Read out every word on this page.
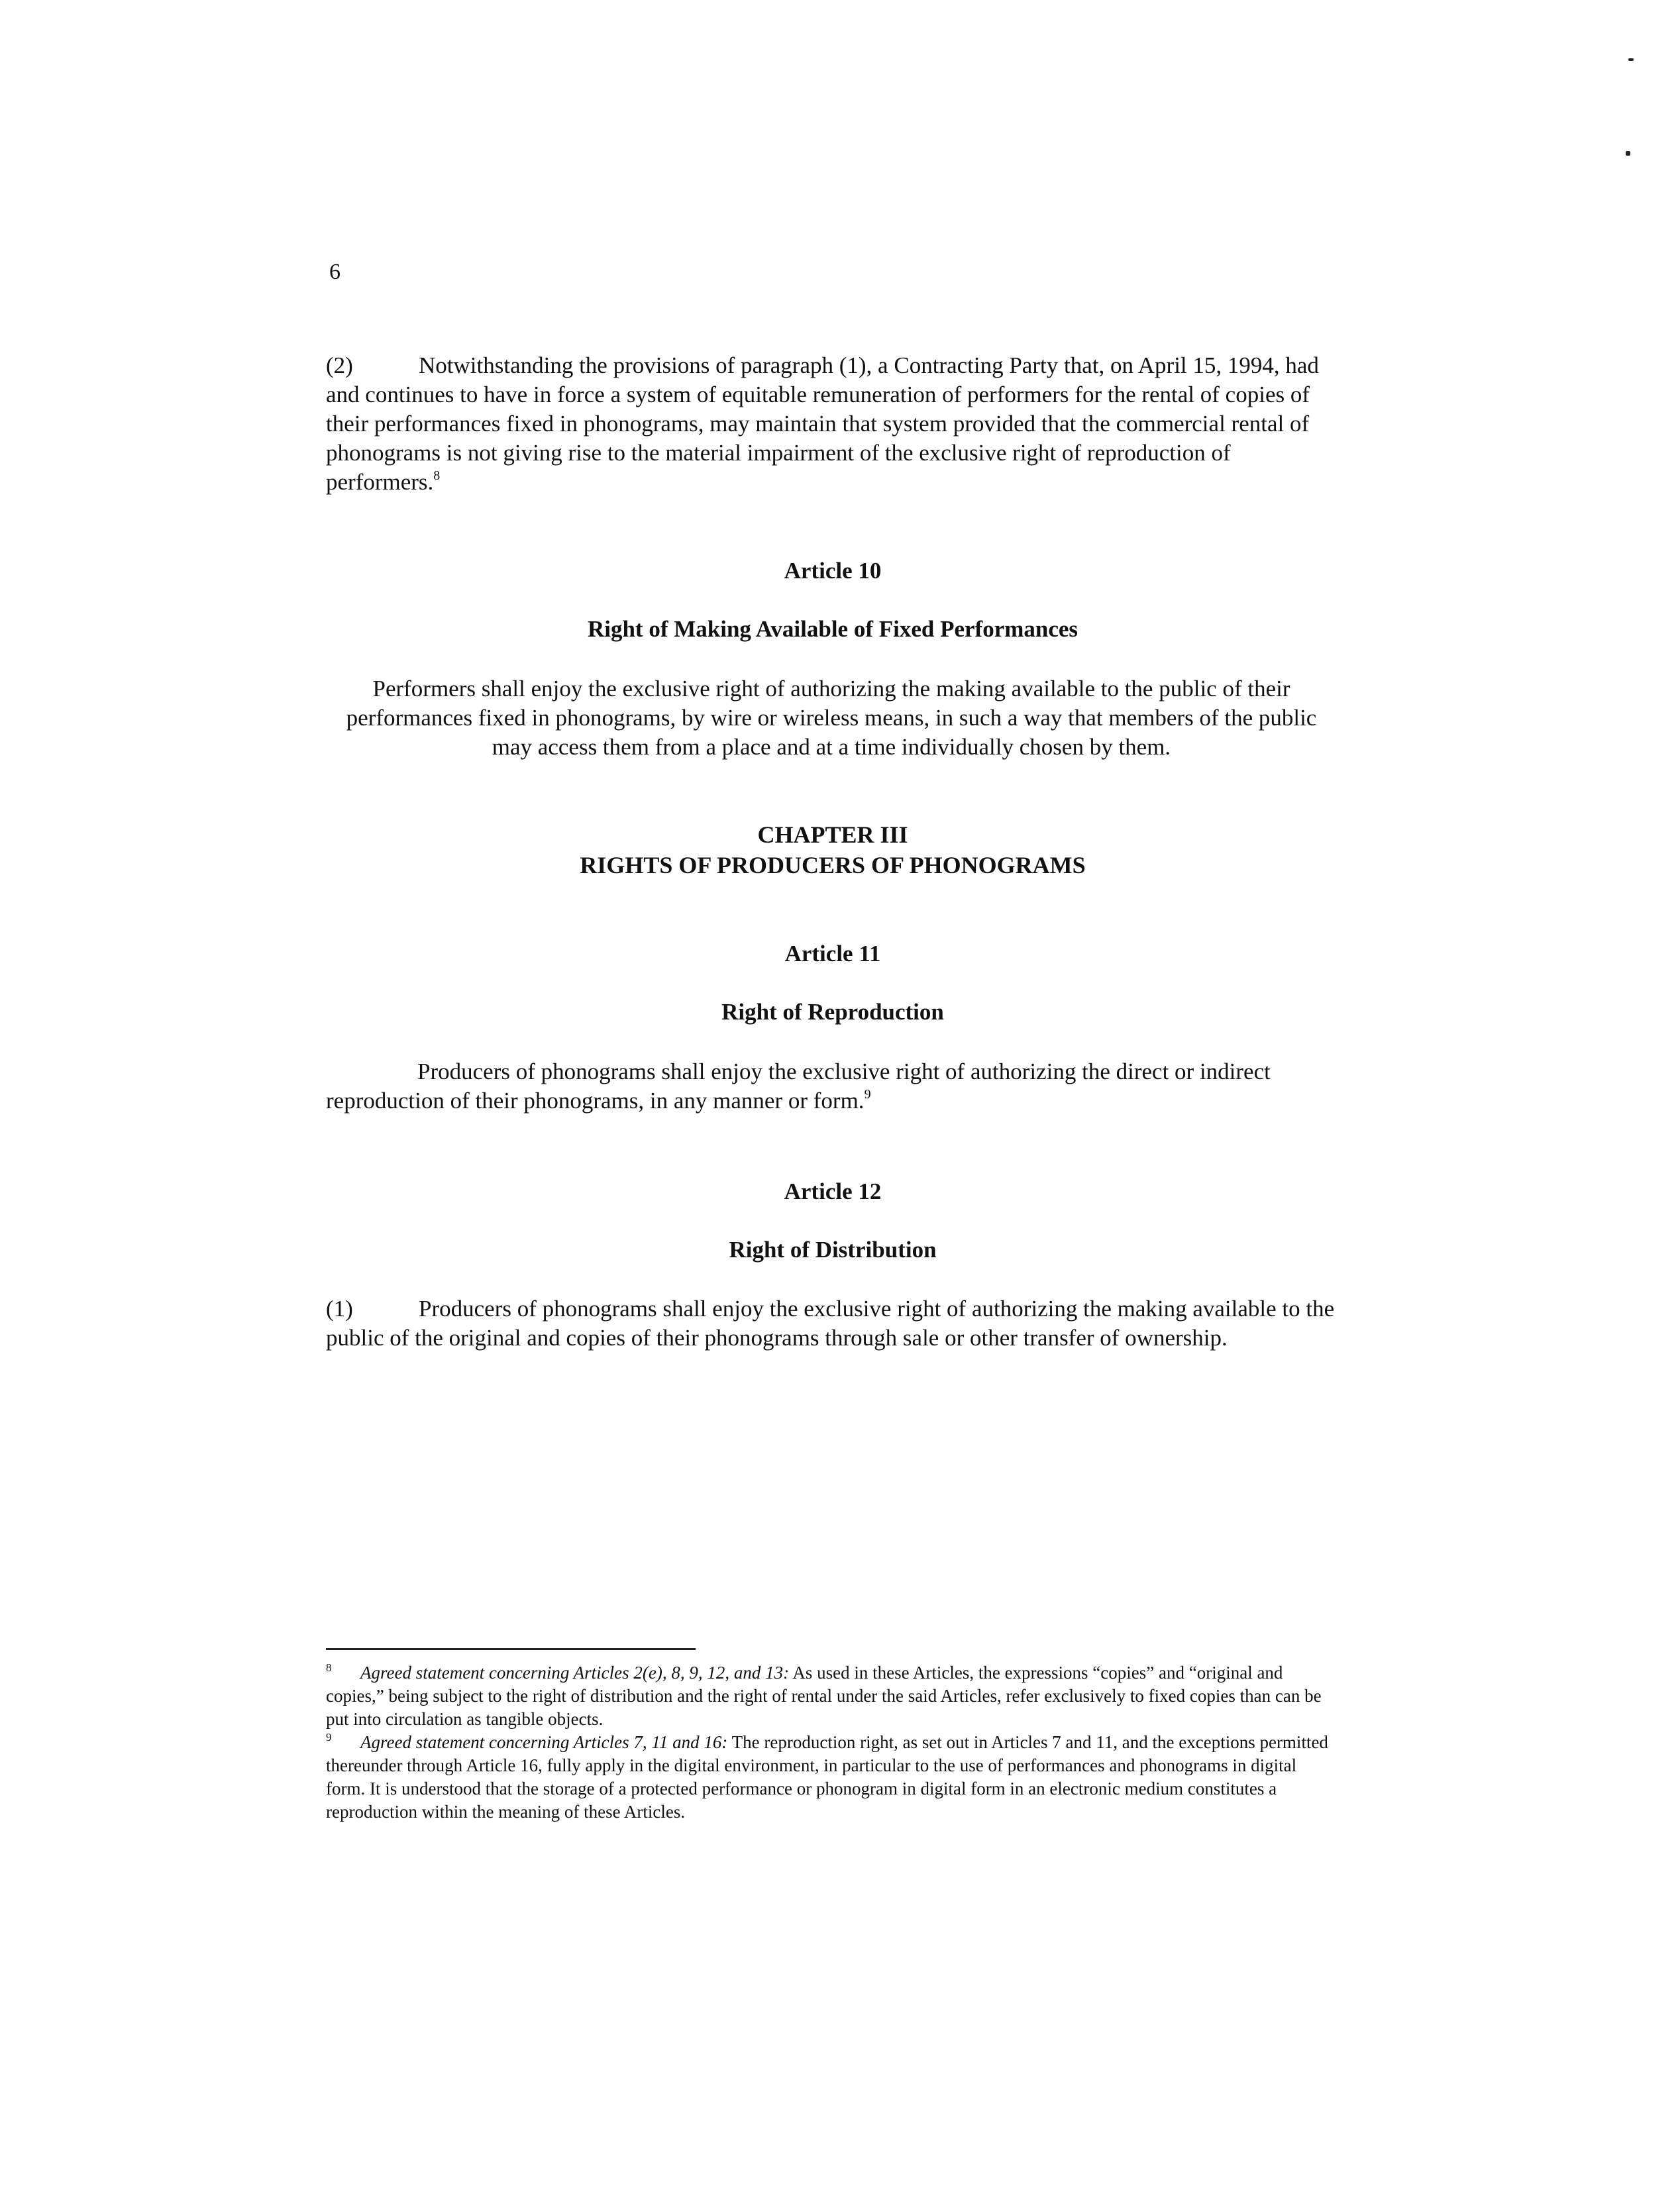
6
(2)	Notwithstanding the provisions of paragraph (1), a Contracting Party that, on April 15, 1994, had and continues to have in force a system of equitable remuneration of performers for the rental of copies of their performances fixed in phonograms, may maintain that system provided that the commercial rental of phonograms is not giving rise to the material impairment of the exclusive right of reproduction of performers.$^8$
Article 10
Right of Making Available of Fixed Performances
Performers shall enjoy the exclusive right of authorizing the making available to the public of their performances fixed in phonograms, by wire or wireless means, in such a way that members of the public may access them from a place and at a time individually chosen by them.
CHAPTER III
RIGHTS OF PRODUCERS OF PHONOGRAMS
Article 11
Right of Reproduction
Producers of phonograms shall enjoy the exclusive right of authorizing the direct or indirect reproduction of their phonograms, in any manner or form.$^9$
Article 12
Right of Distribution
(1)	Producers of phonograms shall enjoy the exclusive right of authorizing the making available to the public of the original and copies of their phonograms through sale or other transfer of ownership.
8 Agreed statement concerning Articles 2(e), 8, 9, 12, and 13: As used in these Articles, the expressions “copies” and “original and copies,” being subject to the right of distribution and the right of rental under the said Articles, refer exclusively to fixed copies than can be put into circulation as tangible objects.
9 Agreed statement concerning Articles 7, 11 and 16: The reproduction right, as set out in Articles 7 and 11, and the exceptions permitted thereunder through Article 16, fully apply in the digital environment, in particular to the use of performances and phonograms in digital form. It is understood that the storage of a protected performance or phonogram in digital form in an electronic medium constitutes a reproduction within the meaning of these Articles.
